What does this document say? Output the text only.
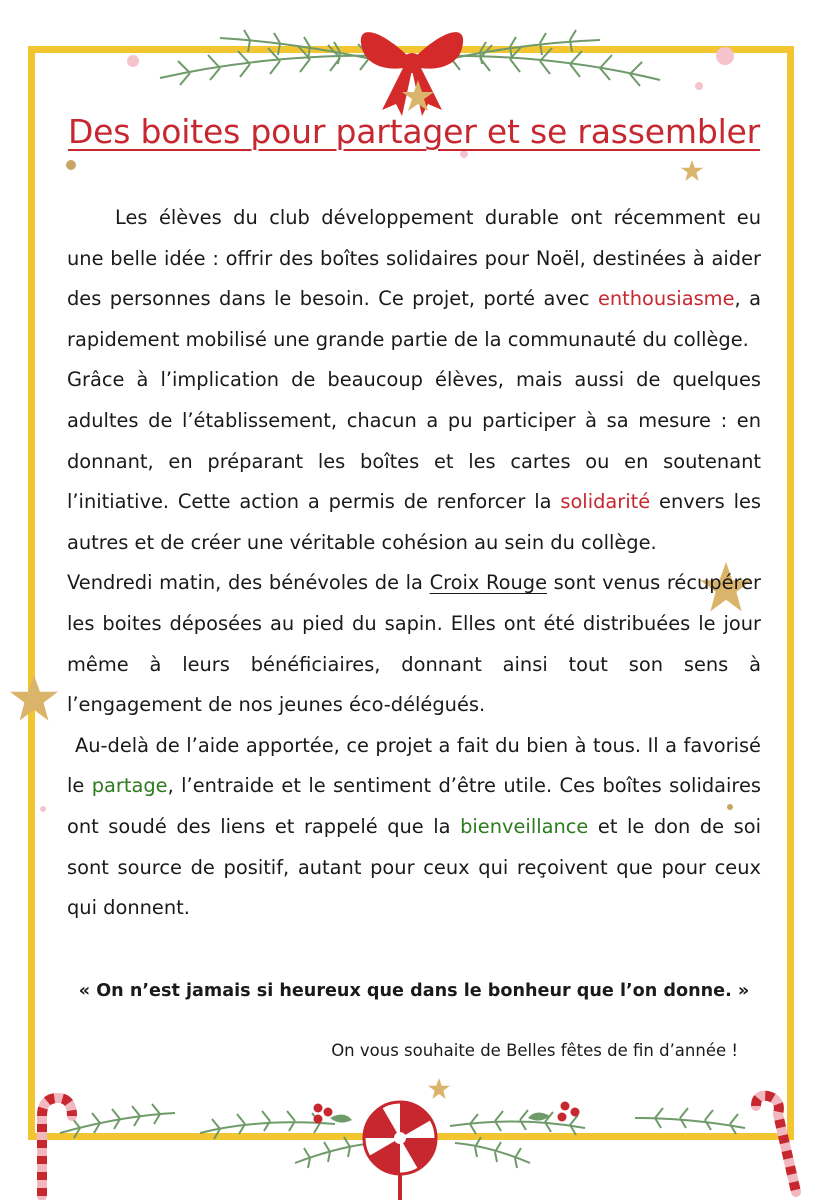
Des boites pour partager et se rassembler

Les élèves du club développement durable ont récemment eu une belle idée : offrir des boîtes solidaires pour Noël, destinées à aider des personnes dans le besoin. Ce projet, porté avec enthousiasme, a rapidement mobilisé une grande partie de la communauté du collège.

Grâce à l’implication de beaucoup élèves, mais aussi de quelques adultes de l’établissement, chacun a pu participer à sa mesure : en donnant, en préparant les boîtes et les cartes ou en soutenant l’initiative. Cette action a permis de renforcer la solidarité envers les autres et de créer une véritable cohésion au sein du collège.

Vendredi matin, des bénévoles de la Croix Rouge sont venus récupérer les boites déposées au pied du sapin. Elles ont été distribuées le jour même à leurs bénéficiaires, donnant ainsi tout son sens à l’engagement de nos jeunes éco-délégués.

Au-delà de l’aide apportée, ce projet a fait du bien à tous. Il a favorisé le partage, l’entraide et le sentiment d’être utile. Ces boîtes solidaires ont soudé des liens et rappelé que la bienveillance et le don de soi sont source de positif, autant pour ceux qui reçoivent que pour ceux qui donnent.

« On n’est jamais si heureux que dans le bonheur que l’on donne. »

On vous souhaite de Belles fêtes de fin d’année !
